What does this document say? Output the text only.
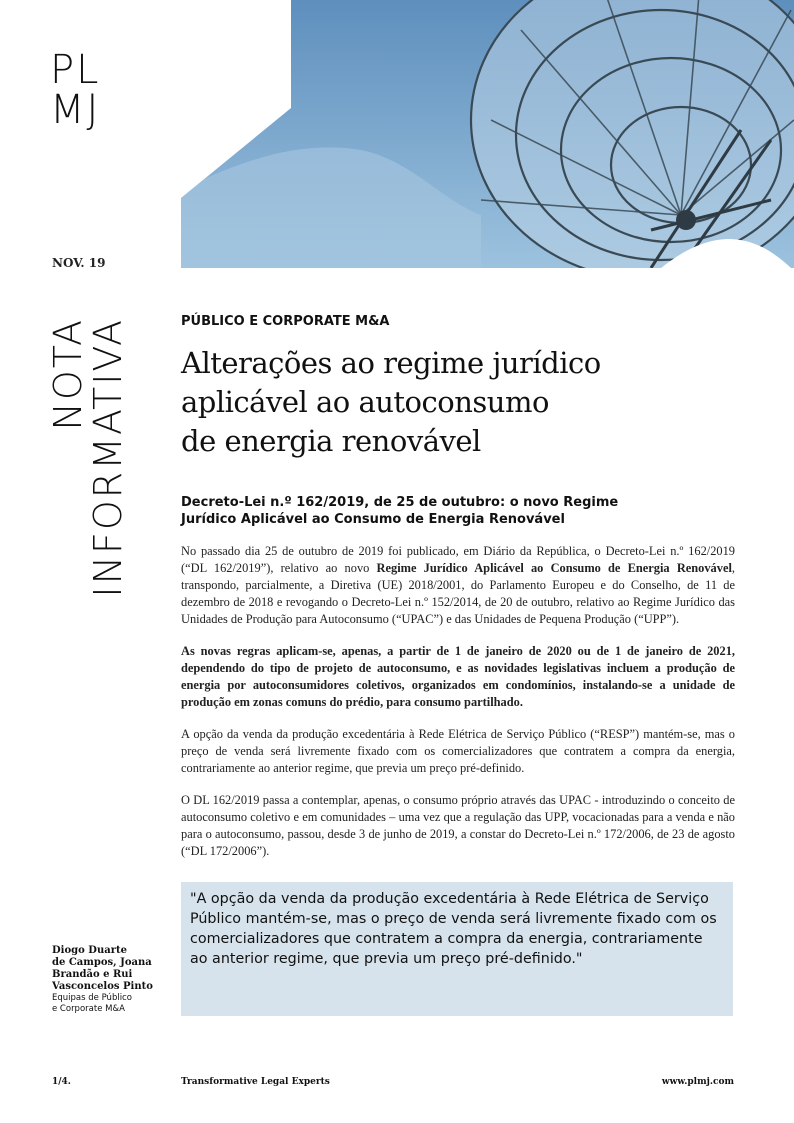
PL
MJ
NOV. 19
NOTA
INFORMATIVA	PÚBLICO E CORPORATE M&A
Alterações ao regime jurídico
aplicável ao autoconsumo
de energia renovável
Decreto-Lei n.º 162/2019, de 25 de outubro: o novo Regime
Jurídico Aplicável ao Consumo de Energia Renovável

No passado dia 25 de outubro de 2019 foi publicado, em Diário da República, o Decreto-Lei n.º 162/2019 (“DL 162/2019”), relativo ao novo Regime Jurídico Aplicável ao Consumo de Energia Renovável, transpondo, parcialmente, a Diretiva (UE) 2018/2001, do Parlamento Europeu e do Conselho, de 11 de dezembro de 2018 e revogando o Decreto-Lei n.º 152/2014, de 20 de outubro, relativo ao Regime Jurídico das Unidades de Produção para Autoconsumo (“UPAC”) e das Unidades de Pequena Produção (“UPP”).

As novas regras aplicam-se, apenas, a partir de 1 de janeiro de 2020 ou de 1 de janeiro de 2021, dependendo do tipo de projeto de autoconsumo, e as novidades legislativas incluem a produção de energia por autoconsumidores coletivos, organizados em condomínios, instalando-se a unidade de produção em zonas comuns do prédio, para consumo partilhado.

A opção da venda da produção excedentária à Rede Elétrica de Serviço Público (“RESP”) mantém-se, mas o preço de venda será livremente fixado com os comercializadores que contratem a compra da energia, contrariamente ao anterior regime, que previa um preço pré-definido.

O DL 162/2019 passa a contemplar, apenas, o consumo próprio através das UPAC - introduzindo o conceito de autoconsumo coletivo e em comunidades – uma vez que a regulação das UPP, vocacionadas para a venda e não para o autoconsumo, passou, desde 3 de junho de 2019, a constar do Decreto-Lei n.º 172/2006, de 23 de agosto (“DL 172/2006”).

"A opção da venda da produção excedentária à Rede Elétrica de Serviço Público mantém-se, mas o preço de venda será livremente fixado com os comercializadores que contratem a compra da energia, contrariamente ao anterior regime, que previa um preço pré-definido."
Diogo Duarte
de Campos, Joana
Brandão e Rui
Vasconcelos Pinto
Equipas de Público
e Corporate M&A
1/4.	Transformative Legal Experts	www.plmj.com
